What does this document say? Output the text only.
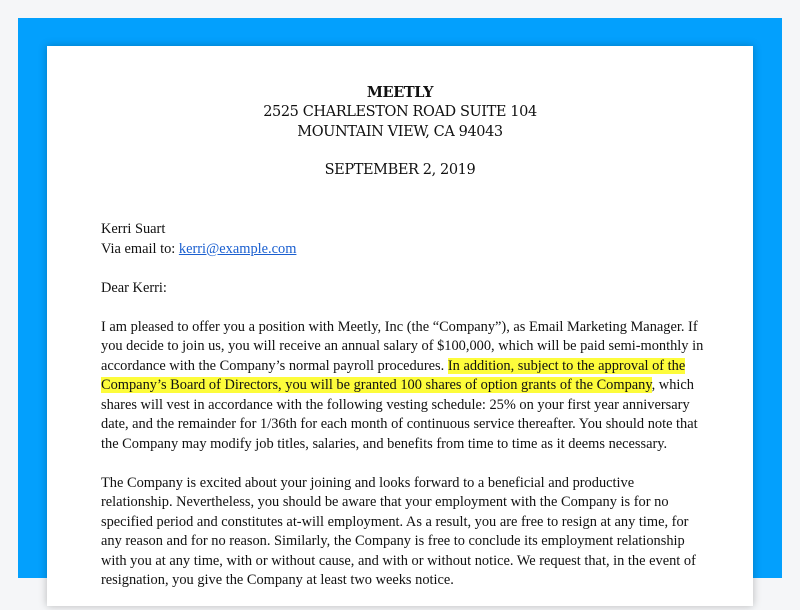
MEETLY
2525 CHARLESTON ROAD SUITE 104
MOUNTAIN VIEW, CA 94043
SEPTEMBER 2, 2019

Kerri Suart
Via email to: kerri@example.com

Dear Kerri:

I am pleased to offer you a position with Meetly, Inc (the “Company”), as Email Marketing Manager. If you decide to join us, you will receive an annual salary of $100,000, which will be paid semi-monthly in accordance with the Company’s normal payroll procedures. In addition, subject to the approval of the Company’s Board of Directors, you will be granted 100 shares of option grants of the Company, which shares will vest in accordance with the following vesting schedule: 25% on your first year anniversary date, and the remainder for 1/36th for each month of continuous service thereafter. You should note that the Company may modify job titles, salaries, and benefits from time to time as it deems necessary.

The Company is excited about your joining and looks forward to a beneficial and productive relationship. Nevertheless, you should be aware that your employment with the Company is for no specified period and constitutes at-will employment. As a result, you are free to resign at any time, for any reason and for no reason. Similarly, the Company is free to conclude its employment relationship with you at any time, with or without cause, and with or without notice. We request that, in the event of resignation, you give the Company at least two weeks notice.
